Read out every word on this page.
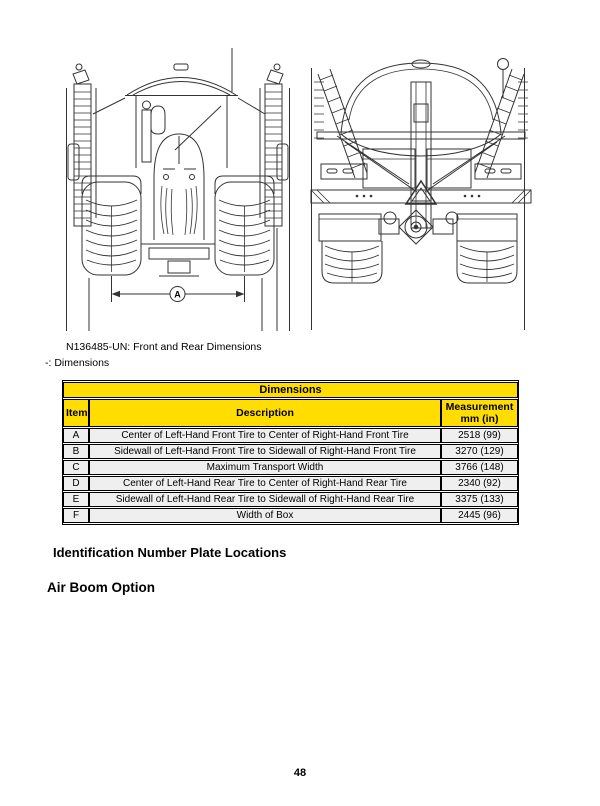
A
N136485-UN: Front and Rear Dimensions
-: Dimensions
Dimensions		
Item	Description	Measurement
mm (in)

A	Center of Left-Hand Front Tire to Center of Right-Hand Front Tire	2518 (99)
B	Sidewall of Left-Hand Front Tire to Sidewall of Right-Hand Front Tire	3270 (129)
C	Maximum Transport Width	3766 (148)
D	Center of Left-Hand Rear Tire to Center of Right-Hand Rear Tire	2340 (92)
E	Sidewall of Left-Hand Rear Tire to Sidewall of Right-Hand Rear Tire	3375 (133)
F	Width of Box	2445 (96)
Identification Number Plate Locations
Air Boom Option
48
